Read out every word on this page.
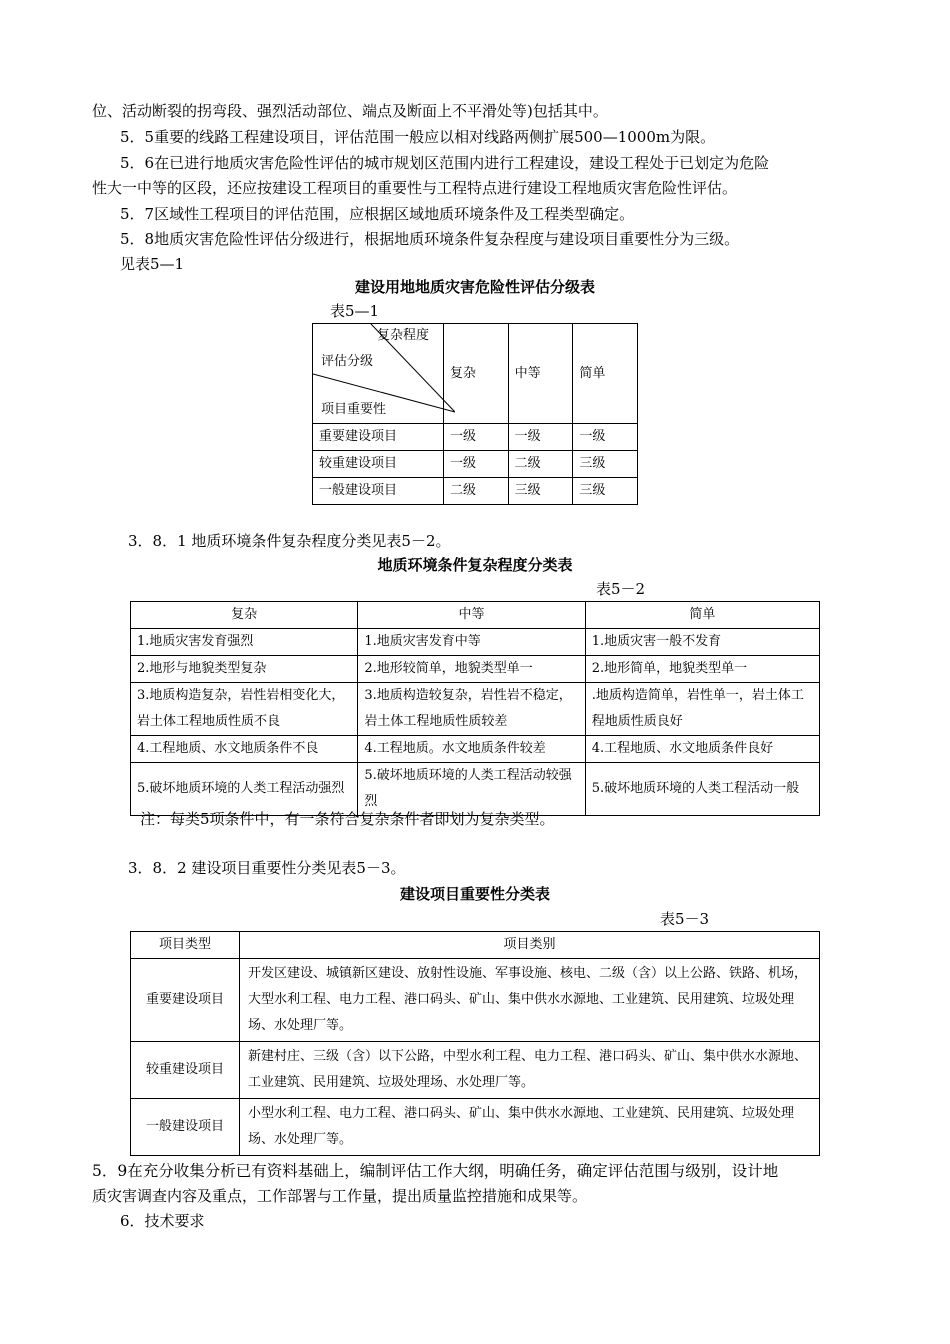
位、活动断裂的拐弯段、强烈活动部位、端点及断面上不平滑处等)包括其中。
5．5重要的线路工程建设项目，评估范围一般应以相对线路两侧扩展500—1000m为限。
5．6在已进行地质灾害危险性评估的城市规划区范围内进行工程建设，建设工程处于已划定为危险
性大一中等的区段，还应按建设工程项目的重要性与工程特点进行建设工程地质灾害危险性评估。
5．7区域性工程项目的评估范围，应根据区域地质环境条件及工程类型确定。
5．8地质灾害危险性评估分级进行，根据地质环境条件复杂程度与建设项目重要性分为三级。
见表5—1
建设用地地质灾害危险性评估分级表
表5—1
复杂程度
评估分级
项目重要性	复杂	中等	简单
重要建设项目	一级	一级	一级
较重建设项目	一级	二级	三级
一般建设项目	二级	三级	三级
3．8．1 地质环境条件复杂程度分类见表5－2。
地质环境条件复杂程度分类表
表5－2
复杂	中等	简单
1.地质灾害发育强烈	1.地质灾害发育中等	1.地质灾害一般不发育
2.地形与地貌类型复杂	2.地形较简单，地貌类型单一	2.地形简单，地貌类型单一
3.地质构造复杂，岩性岩相变化大，岩土体工程地质性质不良	3.地质构造较复杂，岩性岩不稳定，岩土体工程地质性质较差	.地质构造简单，岩性单一，岩土体工程地质性质良好
4.工程地质、水文地质条件不良	4.工程地质。水文地质条件较差	4.工程地质、水文地质条件良好
5.破坏地质环境的人类工程活动强烈	5.破坏地质环境的人类工程活动较强烈	5.破坏地质环境的人类工程活动一般
注：每类5项条件中，有一条符合复杂条件者即划为复杂类型。
3．8．2 建设项目重要性分类见表5－3。
建设项目重要性分类表
表5－3
项目类型	项目类别
重要建设项目	开发区建设、城镇新区建设、放射性设施、军事设施、核电、二级（含）以上公路、铁路、机场，大型水利工程、电力工程、港口码头、矿山、集中供水水源地、工业建筑、民用建筑、垃圾处理场、水处理厂等。
较重建设项目	新建村庄、三级（含）以下公路，中型水利工程、电力工程、港口码头、矿山、集中供水水源地、工业建筑、民用建筑、垃圾处理场、水处理厂等。
一般建设项目	小型水利工程、电力工程、港口码头、矿山、集中供水水源地、工业建筑、民用建筑、垃圾处理场、水处理厂等。
5．9在充分收集分析已有资料基础上，编制评估工作大纲，明确任务，确定评估范围与级别，设计地
质灾害调查内容及重点，工作部署与工作量，提出质量监控措施和成果等。
6．技术要求
